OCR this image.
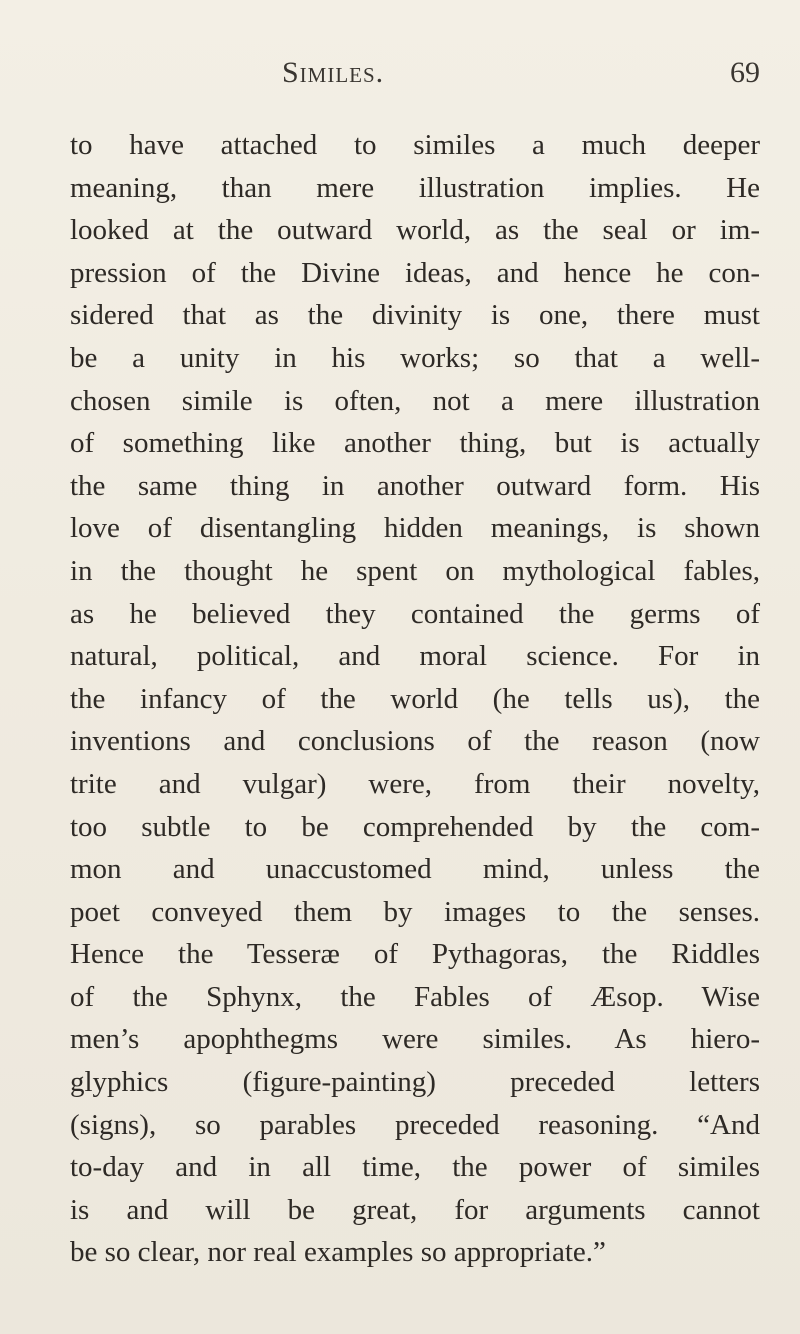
Similes.	69
to have attached to similes a much deeper
meaning, than mere illustration implies. He
looked at the outward world, as the seal or im-
pression of the Divine ideas, and hence he con-
sidered that as the divinity is one, there must
be a unity in his works; so that a well-
chosen simile is often, not a mere illustration
of something like another thing, but is actually
the same thing in another outward form. His
love of disentangling hidden meanings, is shown
in the thought he spent on mythological fables,
as he believed they contained the germs of
natural, political, and moral science. For in
the infancy of the world (he tells us), the
inventions and conclusions of the reason (now
trite and vulgar) were, from their novelty,
too subtle to be comprehended by the com-
mon and unaccustomed mind, unless the
poet conveyed them by images to the senses.
Hence the Tesseræ of Pythagoras, the Riddles
of the Sphynx, the Fables of Æsop. Wise
men’s apophthegms were similes. As hiero-
glyphics (figure-painting) preceded letters
(signs), so parables preceded reasoning. “And
to-day and in all time, the power of similes
is and will be great, for arguments cannot
be so clear, nor real examples so appropriate.”
